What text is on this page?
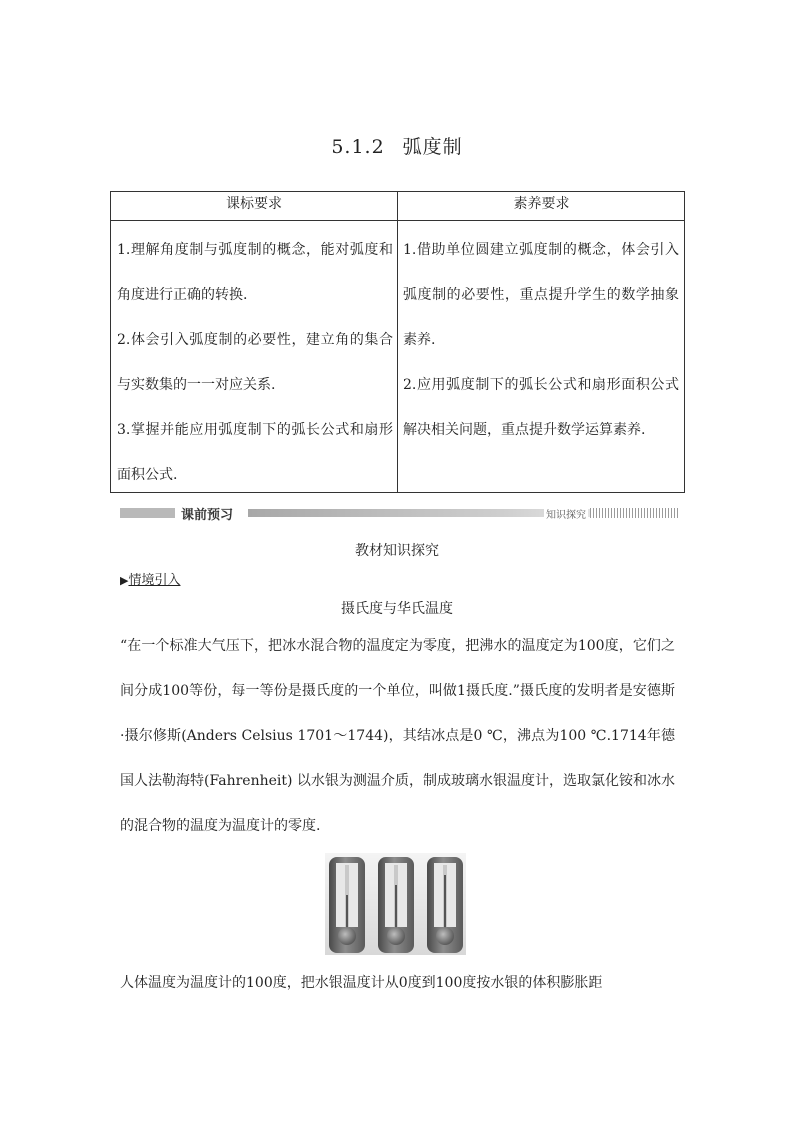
5.1.2 弧度制
课标要求	素养要求
1.理解角度制与弧度制的概念，能对弧度和角度进行正确的转换.
2.体会引入弧度制的必要性，建立角的集合与实数集的一一对应关系.
3.掌握并能应用弧度制下的弧长公式和扇形面积公式.
1.借助单位圆建立弧度制的概念，体会引入弧度制的必要性，重点提升学生的数学抽象素养.
2.应用弧度制下的弧长公式和扇形面积公式解决相关问题，重点提升数学运算素养.
课前预习	知识探究
教材知识探究
▶情境引入
摄氏度与华氏温度

“在一个标准大气压下，把冰水混合物的温度定为零度，把沸水的温度定为100度，它们之间分成100等份，每一等份是摄氏度的一个单位，叫做1摄氏度.”摄氏度的发明者是安德斯·摄尔修斯(Anders Celsius 1701～1744)，其结冰点是0 ℃，沸点为100 ℃.1714年德国人法勒海特(Fahrenheit) 以水银为测温介质，制成玻璃水银温度计，选取氯化铵和冰水的混合物的温度为温度计的零度.

人体温度为温度计的100度，把水银温度计从0度到100度按水银的体积膨胀距
